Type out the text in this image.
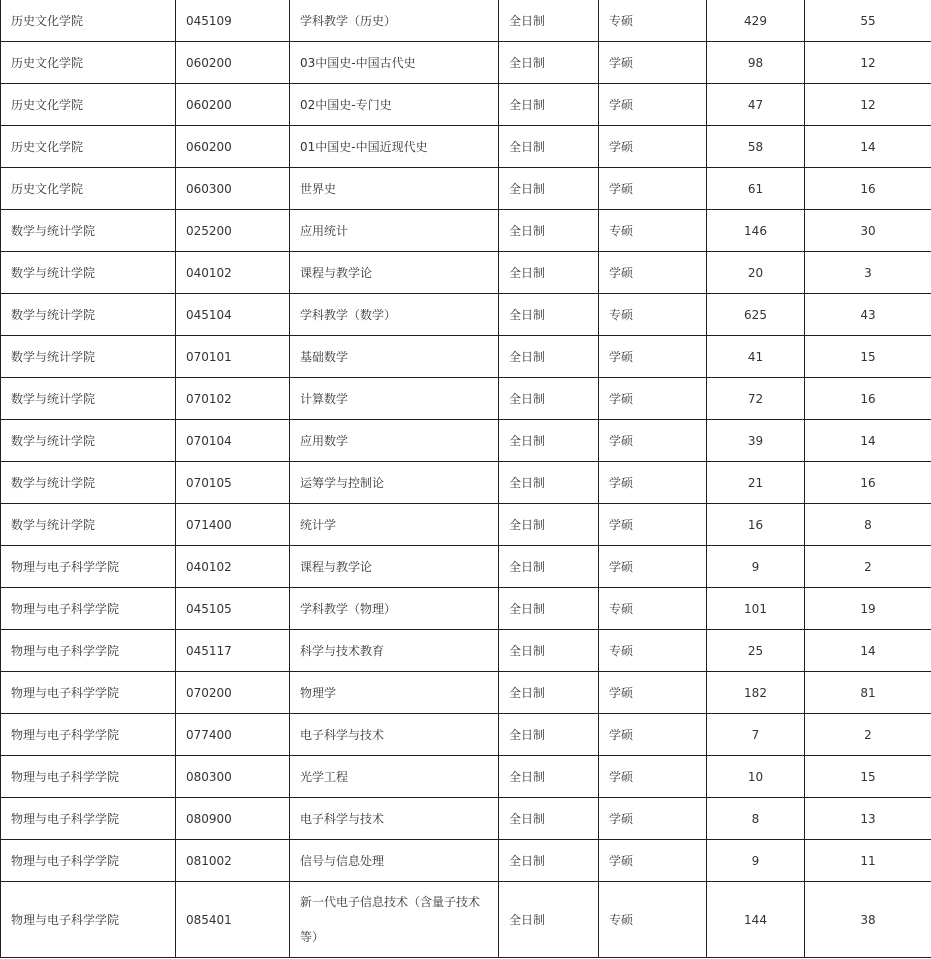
历史文化学院	045109	学科教学（历史）	全日制	专硕	429	55
历史文化学院	060200	03中国史-中国古代史	全日制	学硕	98	12
历史文化学院	060200	02中国史-专门史	全日制	学硕	47	12
历史文化学院	060200	01中国史-中国近现代史	全日制	学硕	58	14
历史文化学院	060300	世界史	全日制	学硕	61	16
数学与统计学院	025200	应用统计	全日制	专硕	146	30
数学与统计学院	040102	课程与教学论	全日制	学硕	20	3
数学与统计学院	045104	学科教学（数学）	全日制	专硕	625	43
数学与统计学院	070101	基础数学	全日制	学硕	41	15
数学与统计学院	070102	计算数学	全日制	学硕	72	16
数学与统计学院	070104	应用数学	全日制	学硕	39	14
数学与统计学院	070105	运筹学与控制论	全日制	学硕	21	16
数学与统计学院	071400	统计学	全日制	学硕	16	8
物理与电子科学学院	040102	课程与教学论	全日制	学硕	9	2
物理与电子科学学院	045105	学科教学（物理）	全日制	专硕	101	19
物理与电子科学学院	045117	科学与技术教育	全日制	专硕	25	14
物理与电子科学学院	070200	物理学	全日制	学硕	182	81
物理与电子科学学院	077400	电子科学与技术	全日制	学硕	7	2
物理与电子科学学院	080300	光学工程	全日制	学硕	10	15
物理与电子科学学院	080900	电子科学与技术	全日制	学硕	8	13
物理与电子科学学院	081002	信号与信息处理	全日制	学硕	9	11
物理与电子科学学院	085401	新一代电子信息技术（含量子技术等）	全日制	专硕	144	38
